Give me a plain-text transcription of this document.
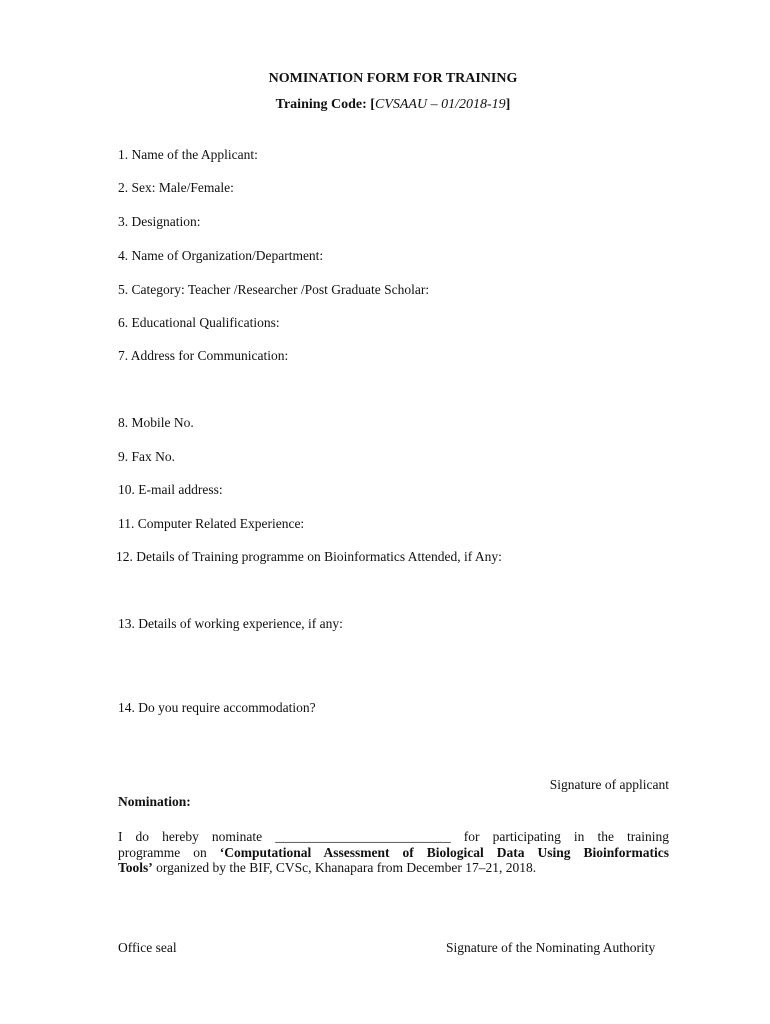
NOMINATION FORM FOR TRAINING
Training Code: [CVSAAU – 01/2018-19]
1. Name of the Applicant:
2. Sex: Male/Female:
3. Designation:
4. Name of Organization/Department:
5. Category: Teacher /Researcher /Post Graduate Scholar:
6. Educational Qualifications:
7. Address for Communication:
8. Mobile No.
9. Fax No.
10. E-mail address:
11. Computer Related Experience:
12. Details of Training programme on Bioinformatics Attended, if Any:
13. Details of working experience, if any:
14. Do you require accommodation?
Signature of applicant
Nomination:
I do hereby nominate __________________________ for participating in the training
programme on ‘Computational Assessment of Biological Data Using Bioinformatics
Tools’ organized by the BIF, CVSc, Khanapara from December 17–21, 2018.
Office seal	Signature of the Nominating Authority
